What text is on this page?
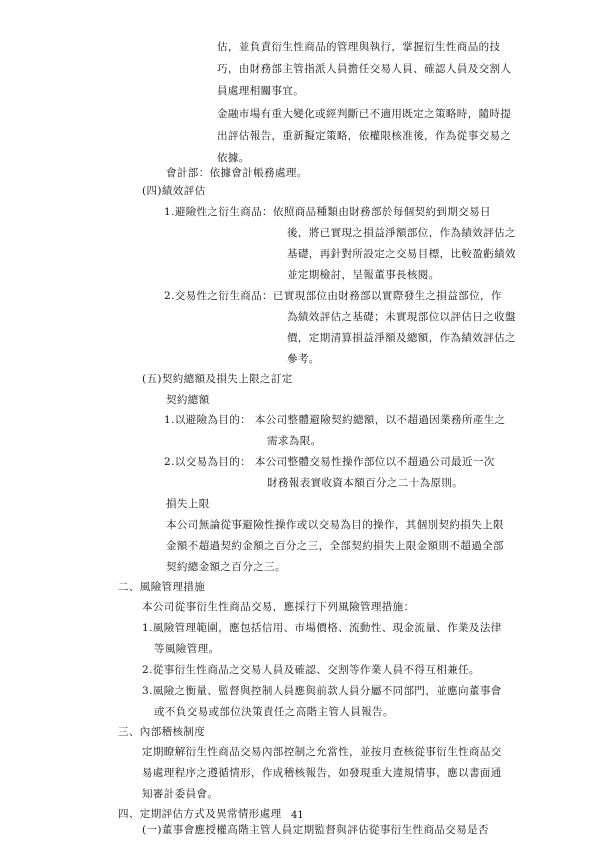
估，並負責衍生性商品的管理與執行，掌握衍生性商品的技
巧，由財務部主管指派人員擔任交易人員、確認人員及交割人
員處理相關事宜。
金融市場有重大變化或經判斷已不適用既定之策略時，隨時提
出評估報告，重新擬定策略，依權限核准後，作為從事交易之
依據。
會計部：依據會計帳務處理。
(四)績效評估
1.避險性之衍生商品：依照商品種類由財務部於每個契約到期交易日
後，將已實現之損益淨額部位，作為績效評估之
基礎，再針對所設定之交易目標，比較盈虧績效
並定期檢討，呈報董事長核閱。
2.交易性之衍生商品：已實現部位由財務部以實際發生之損益部位，作
為績效評估之基礎；未實現部位以評估日之收盤
價，定期清算損益淨額及總額，作為績效評估之
參考。
(五)契約總額及損失上限之訂定
契約總額
1.以避險為目的： 本公司整體避險契約總額，以不超過因業務所產生之
需求為限。
2.以交易為目的： 本公司整體交易性操作部位以不超過公司最近一次
財務報表實收資本額百分之二十為原則。
損失上限
本公司無論從事避險性操作或以交易為目的操作，其個別契約損失上限
金額不超過契約金額之百分之三，全部契約損失上限金額則不超過全部
契約總金額之百分之三。
二、風險管理措施
本公司從事衍生性商品交易，應採行下列風險管理措施：
1.風險管理範圍，應包括信用、市場價格、流動性、現金流量、作業及法律
等風險管理。
2.從事衍生性商品之交易人員及確認、交割等作業人員不得互相兼任。
3.風險之衡量、監督與控制人員應與前款人員分屬不同部門，並應向董事會
或不負交易或部位決策責任之高階主管人員報告。
三、內部稽核制度
定期瞭解衍生性商品交易內部控制之允當性，並按月查核從事衍生性商品交
易處理程序之遵循情形，作成稽核報告，如發現重大違規情事，應以書面通
知審計委員會。
四、定期評估方式及異常情形處理
(一)董事會應授權高階主管人員定期監督與評估從事衍生性商品交易是否
41
